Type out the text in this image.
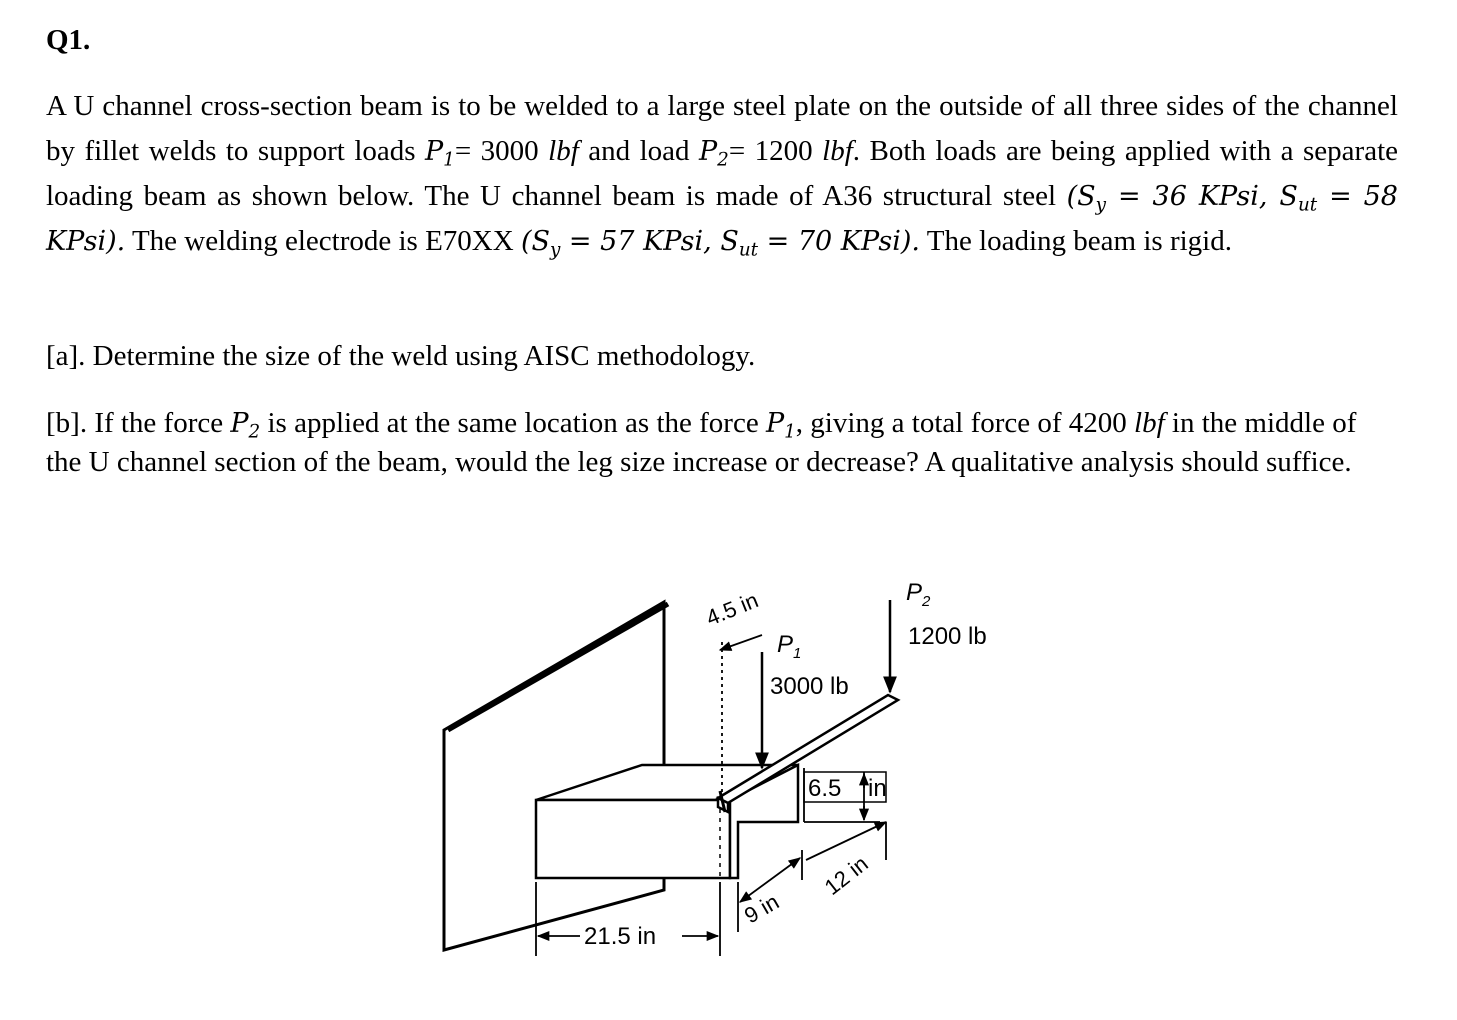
Q1.

A U channel cross-section beam is to be welded to a large steel plate on the outside of all three sides of the channel by fillet welds to support loads $P_1= 3000$ lbf and load $P_2= 1200$ lbf. Both loads are being applied with a separate loading beam as shown below. The U channel beam is made of A36 structural steel ($S_y = 36$ KPsi, $S_{ut} = 58$ KPsi). The welding electrode is E70XX ($S_y = 57$ KPsi, $S_{ut} = 70$ KPsi). The loading beam is rigid.

[a]. Determine the size of the weld using AISC methodology.

[b]. If the force $P_2$ is applied at the same location as the force $P_1$, giving a total force of 4200 lbf in the middle of the U channel section of the beam, would the leg size increase or decrease? A qualitative analysis should suffice.

4.5 in
$P_1$
3000 lb
$P_2$
1200 lb
6.5 in
9 in
12 in
21.5 in
